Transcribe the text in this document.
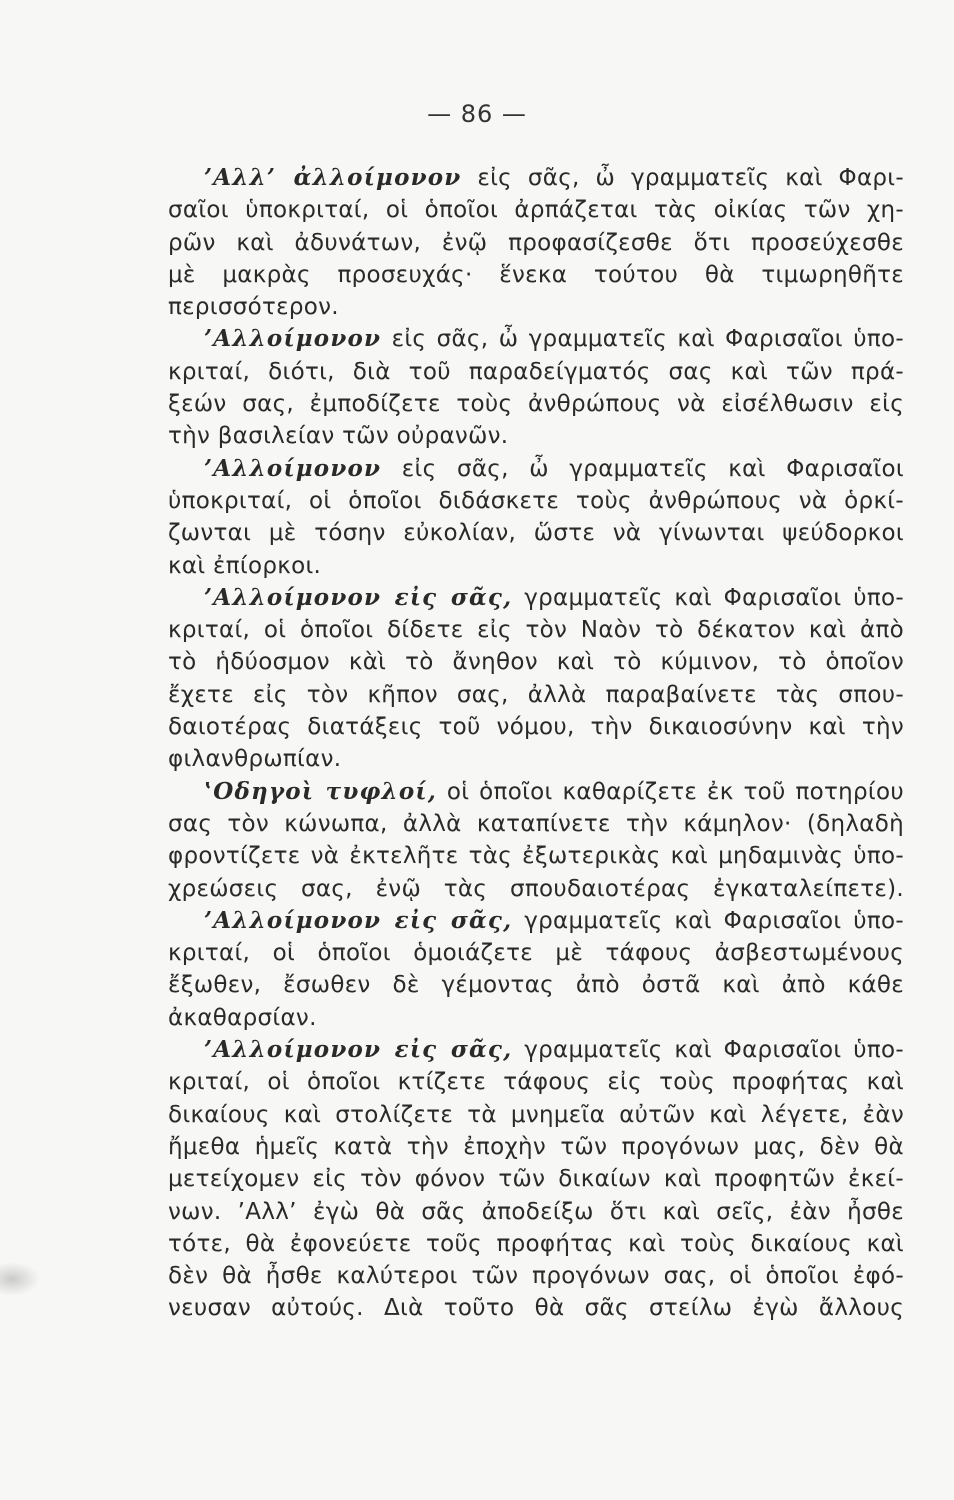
— 86 —
’Αλλ’ ἀλλοίμονον εἰς σᾶς, ὦ γραμματεῖς καὶ Φαρι-
σαῖοι ὑποκριταί, οἱ ὁποῖοι ἀρπάζεται τὰς οἰκίας τῶν χη-
ρῶν καὶ ἀδυνάτων, ἐνῷ προφασίζεσθε ὅτι προσεύχεσθε
μὲ μακρὰς προσευχάς· ἕνεκα τούτου θὰ τιμωρηθῆτε
περισσότερον.
’Αλλοίμονον εἰς σᾶς, ὦ γραμματεῖς καὶ Φαρισαῖοι ὑπο-
κριταί, διότι, διὰ τοῦ παραδείγματός σας καὶ τῶν πρά-
ξεών σας, ἐμποδίζετε τοὺς ἀνθρώπους νὰ εἰσέλθωσιν εἰς
τὴν βασιλείαν τῶν οὐρανῶν.
’Αλλοίμονον εἰς σᾶς, ὦ γραμματεῖς καὶ Φαρισαῖοι
ὑποκριταί, οἱ ὁποῖοι διδάσκετε τοὺς ἀνθρώπους νὰ ὁρκί-
ζωνται μὲ τόσην εὐκολίαν, ὥστε νὰ γίνωνται ψεύδορκοι
καὶ ἐπίορκοι.
’Αλλοίμονον εἰς σᾶς, γραμματεῖς καὶ Φαρισαῖοι ὑπο-
κριταί, οἱ ὁποῖοι δίδετε εἰς τὸν Ναὸν τὸ δέκατον καὶ ἀπὸ
τὸ ἡδύοσμον κὰὶ τὸ ἄνηθον καὶ τὸ κύμινον, τὸ ὁποῖον
ἔχετε εἰς τὸν κῆπον σας, ἀλλὰ παραβαίνετε τὰς σπου-
δαιοτέρας διατάξεις τοῦ νόμου, τὴν δικαιοσύνην καὶ τὴν
φιλανθρωπίαν.
‛Οδηγοὶ τυφλοί, οἱ ὁποῖοι καθαρίζετε ἐκ τοῦ ποτηρίου
σας τὸν κώνωπα, ἀλλὰ καταπίνετε τὴν κάμηλον· (δηλαδὴ
φροντίζετε νὰ ἐκτελῆτε τὰς ἐξωτερικὰς καὶ μηδαμινὰς ὑπο-
χρεώσεις σας, ἐνῷ τὰς σπουδαιοτέρας ἐγκαταλείπετε).
’Αλλοίμονον εἰς σᾶς, γραμματεῖς καὶ Φαρισαῖοι ὑπο-
κριταί, οἱ ὁποῖοι ὁμοιάζετε μὲ τάφους ἀσβεστωμένους
ἔξωθεν, ἔσωθεν δὲ γέμοντας ἀπὸ ὀστᾶ καὶ ἀπὸ κάθε
ἀκαθαρσίαν.
’Αλλοίμονον εἰς σᾶς, γραμματεῖς καὶ Φαρισαῖοι ὑπο-
κριταί, οἱ ὁποῖοι κτίζετε τάφους εἰς τοὺς προφήτας καὶ
δικαίους καὶ στολίζετε τὰ μνημεῖα αὐτῶν καὶ λέγετε, ἐὰν
ἤμεθα ἡμεῖς κατὰ τὴν ἐποχὴν τῶν προγόνων μας, δὲν θὰ
μετείχομεν εἰς τὸν φόνον τῶν δικαίων καὶ προφητῶν ἐκεί-
νων. ’Αλλ’ ἐγὼ θὰ σᾶς ἀποδείξω ὅτι καὶ σεῖς, ἐὰν ἦσθε
τότε, θὰ ἐφονεύετε τοῦς προφήτας καὶ τοὺς δικαίους καὶ
δὲν θὰ ἦσθε καλύτεροι τῶν προγόνων σας, οἱ ὁποῖοι ἐφό-
νευσαν αὐτούς. Διὰ τοῦτο θὰ σᾶς στείλω ἐγὼ ἄλλους
